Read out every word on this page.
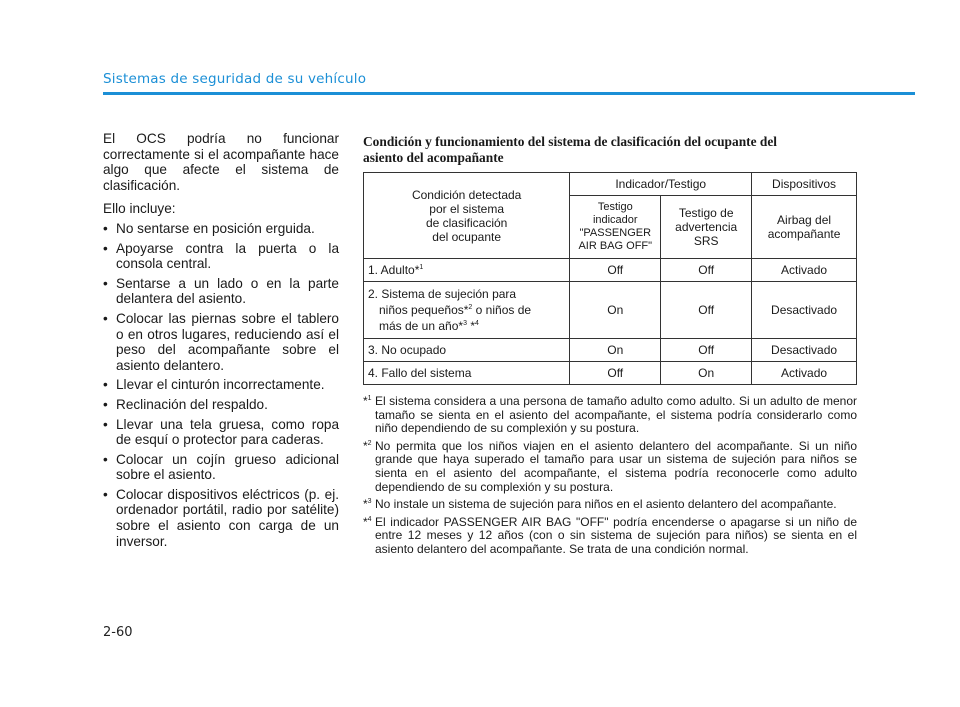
Sistemas de seguridad de su vehículo

El OCS podría no funcionar correctamente si el acompañante hace algo que afecte el sistema de clasificación.

Ello incluye:

• No sentarse en posición erguida.
• Apoyarse contra la puerta o la consola central.
• Sentarse a un lado o en la parte delantera del asiento.
• Colocar las piernas sobre el tablero o en otros lugares, reduciendo así el peso del acompañante sobre el asiento delantero.
• Llevar el cinturón incorrectamente.
• Reclinación del respaldo.
• Llevar una tela gruesa, como ropa de esquí o protector para caderas.
• Colocar un cojín grueso adicional sobre el asiento.
• Colocar dispositivos eléctricos (p. ej. ordenador portátil, radio por satélite) sobre el asiento con carga de un inversor.

Condición y funcionamiento del sistema de clasificación del ocupante del
asiento del acompañante

Condición detectada
por el sistema
de clasificación
del ocupante	Indicador/Testigo		Dispositivos
	Testigo
indicador
"PASSENGER
AIR BAG OFF"	Testigo de
advertencia
SRS	Airbag del
acompañante
1. Adulto*$^1$	Off	Off	Activado
2. Sistema de sujeción para

niños pequeños*$^2$ o niños de
más de un año*$^3$ *$^4$	On	Off	Desactivado
3. No ocupado	On	Off	Desactivado
4. Fallo del sistema	Off	On	Activado
*$^1$ El sistema considera a una persona de tamaño adulto como adulto. Si un adulto de menor tamaño se sienta en el asiento del acompañante, el sistema podría considerarlo como niño dependiendo de su complexión y su postura.
*$^2$ No permita que los niños viajen en el asiento delantero del acompañante. Si un niño grande que haya superado el tamaño para usar un sistema de sujeción para niños se sienta en el asiento del acompañante, el sistema podría reconocerle como adulto dependiendo de su complexión y su postura.
*$^3$ No instale un sistema de sujeción para niños en el asiento delantero del acompañante.
*$^4$ El indicador PASSENGER AIR BAG "OFF" podría encenderse o apagarse si un niño de entre 12 meses y 12 años (con o sin sistema de sujeción para niños) se sienta en el asiento delantero del acompañante. Se trata de una condición normal.
2-60
